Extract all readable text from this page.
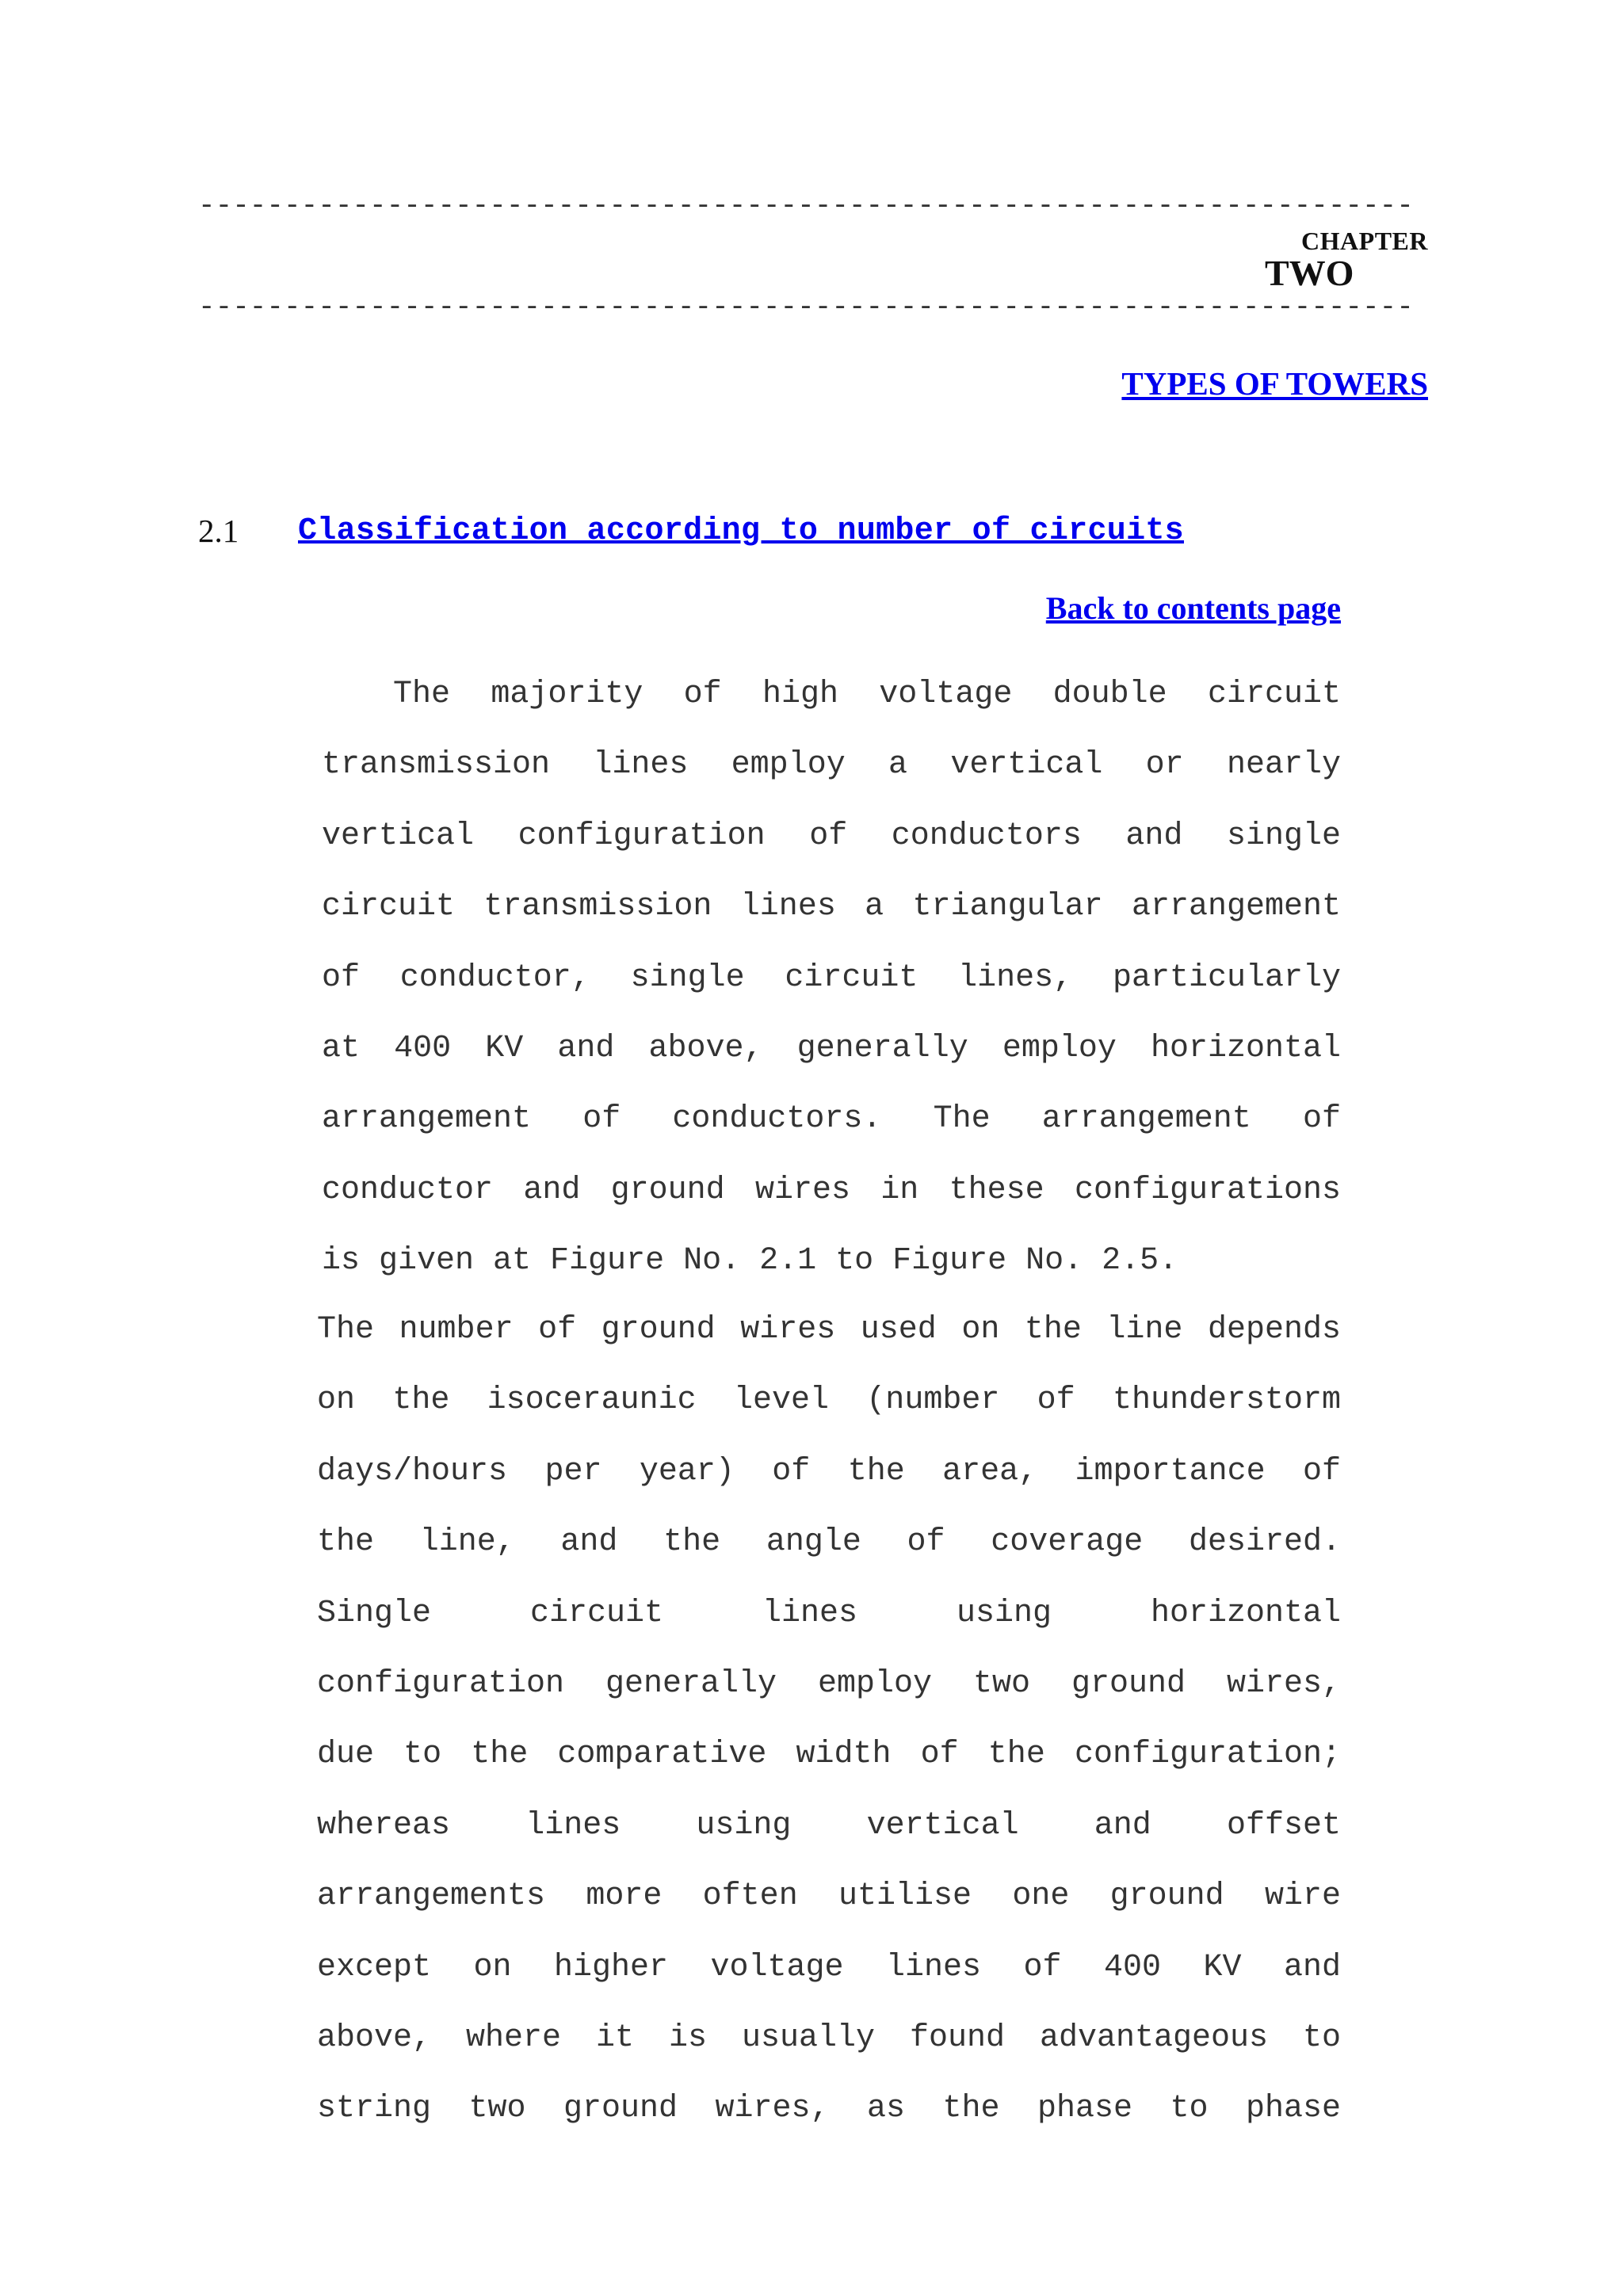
-----------------------------------------------------------------------
CHAPTER
TWO
-----------------------------------------------------------------------
TYPES OF TOWERS
2.1 Classification according to number of circuits
Back to contents page
The majority of high voltage double circuit
transmission lines employ a vertical or nearly
vertical configuration of conductors and single
circuit transmission lines a triangular arrangement
of conductor, single circuit lines, particularly
at 400 KV and above, generally employ horizontal
arrangement of conductors. The arrangement of
conductor and ground wires in these configurations
is given at Figure No. 2.1 to Figure No. 2.5.
The number of ground wires used on the line depends
on the isoceraunic level (number of thunderstorm
days/hours per year) of the area, importance of
the line, and the angle of coverage desired.
Single circuit lines using horizontal
configuration generally employ two ground wires,
due to the comparative width of the configuration;
whereas lines using vertical and offset
arrangements more often utilise one ground wire
except on higher voltage lines of 400 KV and
above, where it is usually found advantageous to
string two ground wires, as the phase to phase
